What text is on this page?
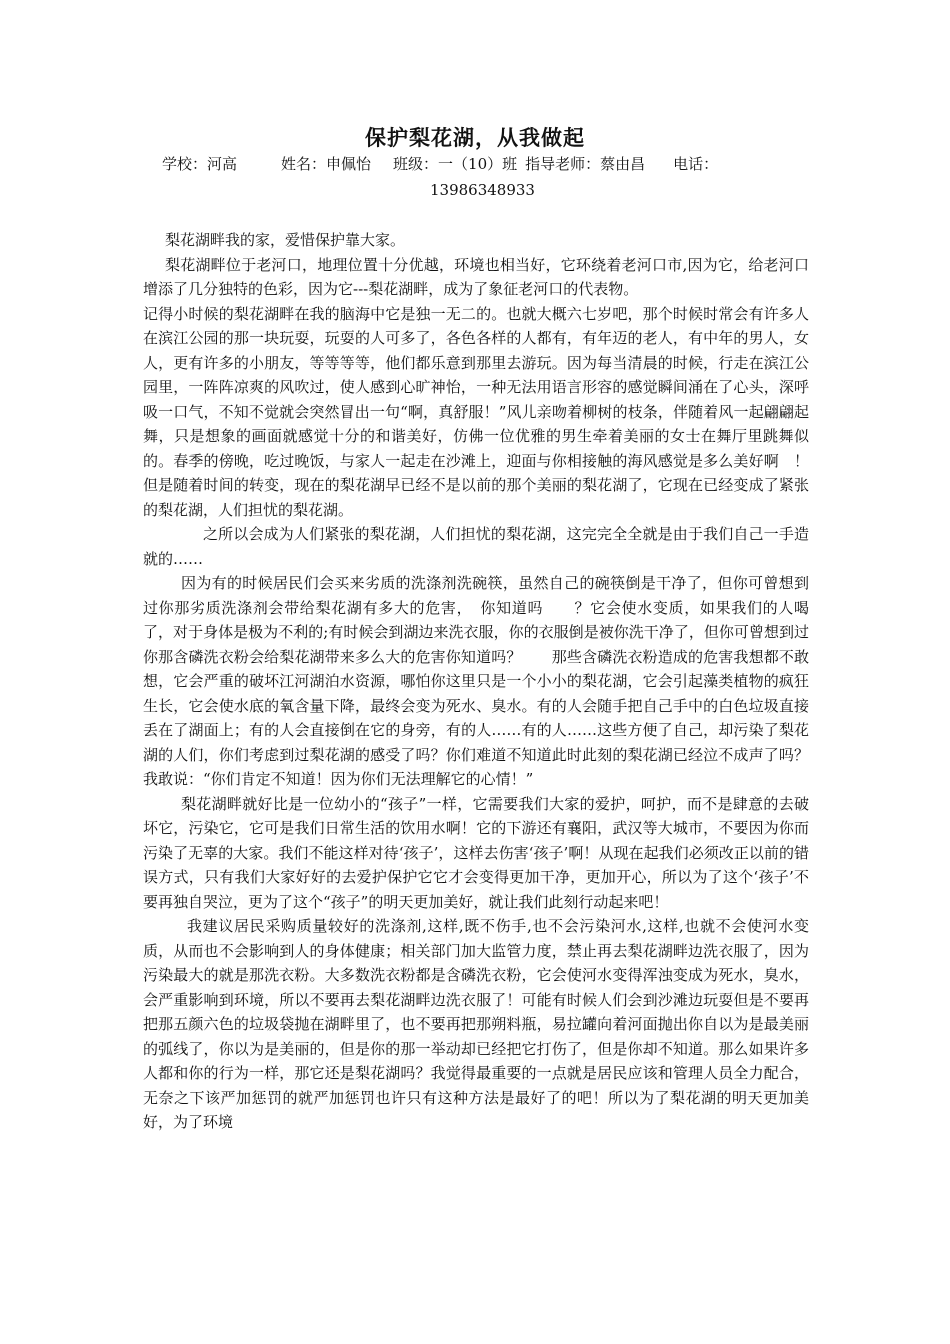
保护梨花湖，从我做起
学校：河高	姓名：申佩怡 班级：一（10）班 指导老师：蔡由昌 电话：
13986348933

梨花湖畔我的家，爱惜保护靠大家。

梨花湖畔位于老河口，地理位置十分优越，环境也相当好，它环绕着老河口市,因为它，给老河口增添了几分独特的色彩，因为它---梨花湖畔，成为了象征老河口的代表物。

记得小时候的梨花湖畔在我的脑海中它是独一无二的。也就大概六七岁吧，那个时候时常会有许多人在滨江公园的那一块玩耍，玩耍的人可多了，各色各样的人都有，有年迈的老人，有中年的男人，女人，更有许多的小朋友，等等等等，他们都乐意到那里去游玩。因为每当清晨的时候，行走在滨江公园里，一阵阵凉爽的风吹过，使人感到心旷神怡，一种无法用语言形容的感觉瞬间涌在了心头，深呼吸一口气，不知不觉就会突然冒出一句“啊，真舒服！”风儿亲吻着柳树的枝条，伴随着风一起翩翩起舞，只是想象的画面就感觉十分的和谐美好，仿佛一位优雅的男生牵着美丽的女士在舞厅里跳舞似的。春季的傍晚，吃过晚饭，与家人一起走在沙滩上，迎面与你相接触的海风感觉是多么美好啊　！但是随着时间的转变，现在的梨花湖早已经不是以前的那个美丽的梨花湖了，它现在已经变成了紧张的梨花湖，人们担忧的梨花湖。

之所以会成为人们紧张的梨花湖，人们担忧的梨花湖，这完完全全就是由于我们自己一手造就的……

因为有的时候居民们会买来劣质的洗涤剂洗碗筷，虽然自己的碗筷倒是干净了，但你可曾想到过你那劣质洗涤剂会带给梨花湖有多大的危害，　你知道吗　　？它会使水变质，如果我们的人喝了，对于身体是极为不利的;有时候会到湖边来洗衣服，你的衣服倒是被你洗干净了，但你可曾想到过你那含磷洗衣粉会给梨花湖带来多么大的危害你知道吗？　　那些含磷洗衣粉造成的危害我想都不敢想，它会严重的破坏江河湖泊水资源，哪怕你这里只是一个小小的梨花湖，它会引起藻类植物的疯狂生长，它会使水底的氧含量下降，最终会变为死水、臭水。有的人会随手把自己手中的白色垃圾直接丢在了湖面上；有的人会直接倒在它的身旁，有的人……有的人……这些方便了自己，却污染了梨花湖的人们，你们考虑到过梨花湖的感受了吗？你们难道不知道此时此刻的梨花湖已经泣不成声了吗？我敢说：“你们肯定不知道！因为你们无法理解它的心情！”

梨花湖畔就好比是一位幼小的“孩子”一样，它需要我们大家的爱护，呵护，而不是肆意的去破坏它，污染它，它可是我们日常生活的饮用水啊！它的下游还有襄阳，武汉等大城市，不要因为你而污染了无辜的大家。我们不能这样对待‘孩子’，这样去伤害‘孩子’啊！从现在起我们必须改正以前的错误方式，只有我们大家好好的去爱护保护它它才会变得更加干净，更加开心，所以为了这个‘孩子’不要再独自哭泣，更为了这个“孩子”的明天更加美好，就让我们此刻行动起来吧！

我建议居民采购质量较好的洗涤剂,这样,既不伤手,也不会污染河水,这样,也就不会使河水变质，从而也不会影响到人的身体健康；相关部门加大监管力度，禁止再去梨花湖畔边洗衣服了，因为污染最大的就是那洗衣粉。大多数洗衣粉都是含磷洗衣粉，它会使河水变得浑浊变成为死水，臭水，会严重影响到环境，所以不要再去梨花湖畔边洗衣服了！可能有时候人们会到沙滩边玩耍但是不要再把那五颜六色的垃圾袋抛在湖畔里了，也不要再把那朔料瓶，易拉罐向着河面抛出你自以为是最美丽的弧线了，你以为是美丽的，但是你的那一举动却已经把它打伤了，但是你却不知道。那么如果许多人都和你的行为一样，那它还是梨花湖吗？我觉得最重要的一点就是居民应该和管理人员全力配合，无奈之下该严加惩罚的就严加惩罚也许只有这种方法是最好了的吧！所以为了梨花湖的明天更加美好，为了环境
